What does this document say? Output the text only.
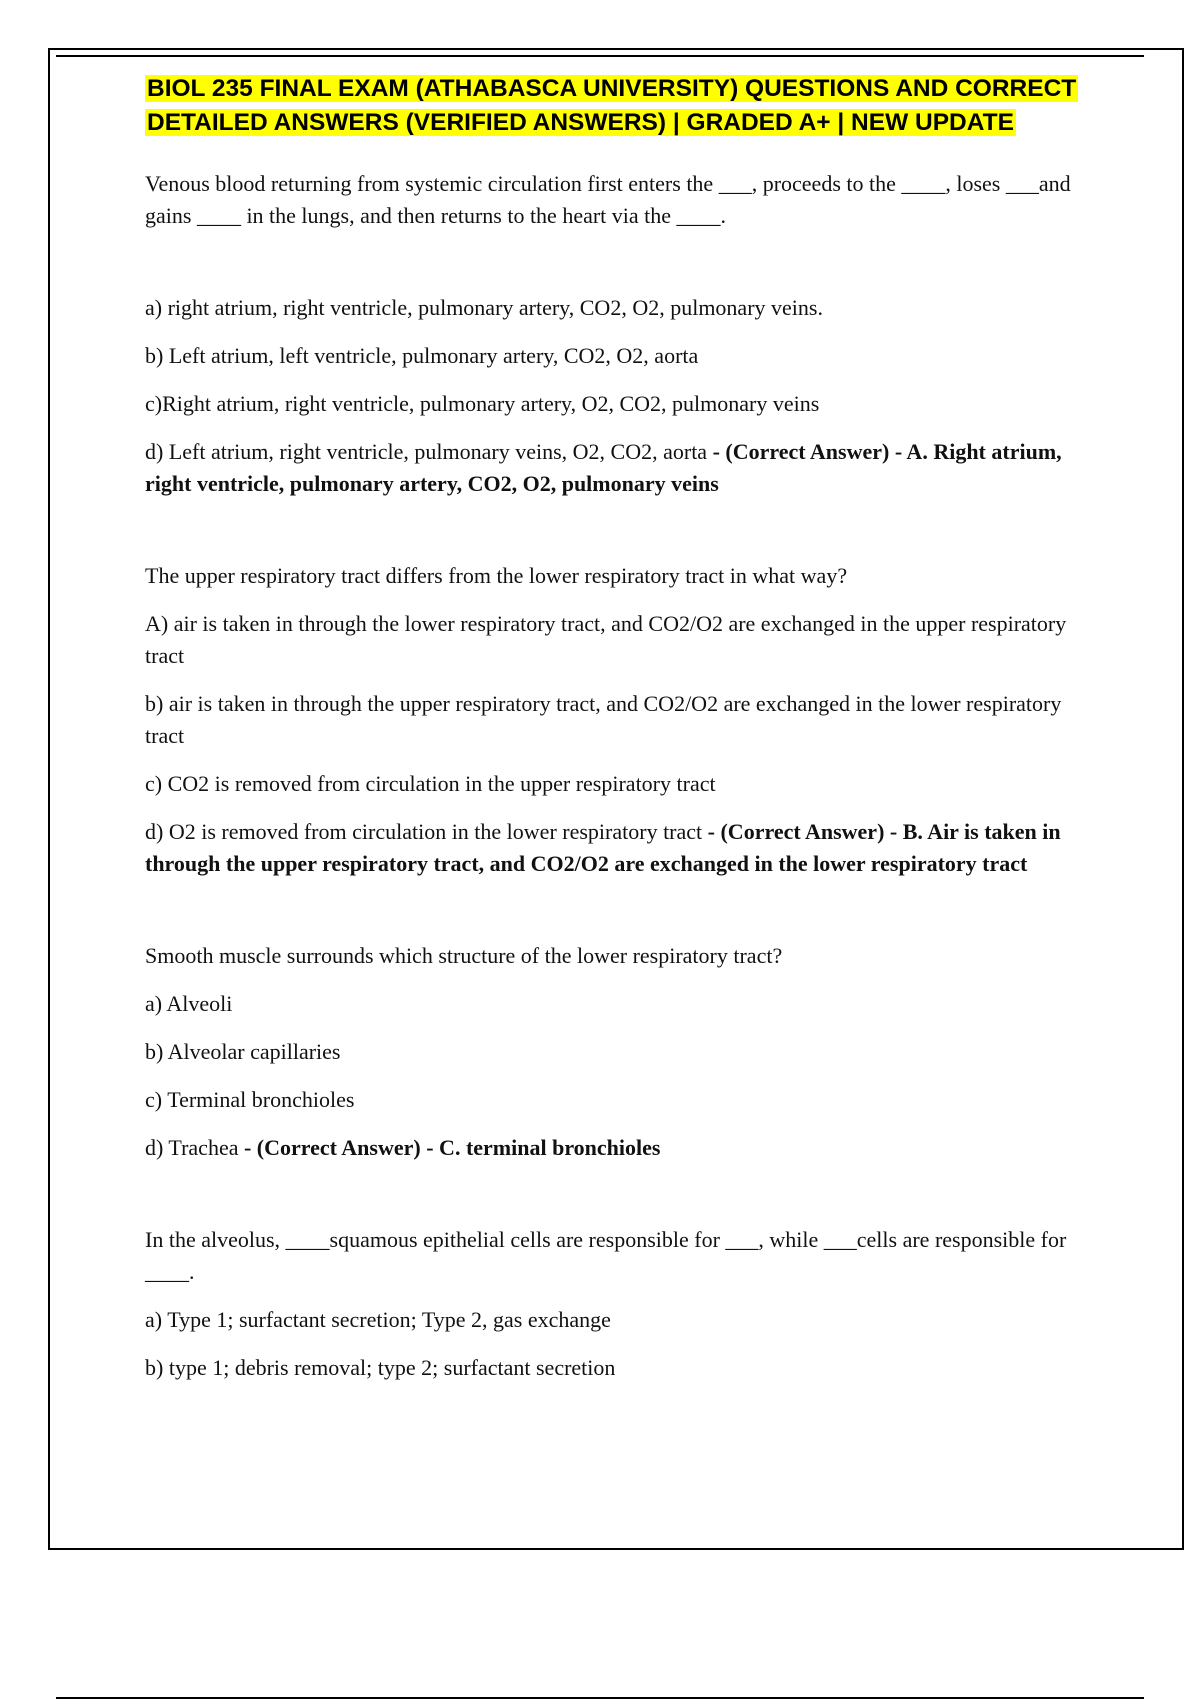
BIOL 235 FINAL EXAM (ATHABASCA UNIVERSITY) QUESTIONS AND CORRECT
DETAILED ANSWERS (VERIFIED ANSWERS) | GRADED A+ | NEW UPDATE

Venous blood returning from systemic circulation first enters the ___, proceeds to the ____, loses ___and gains ____ in the lungs, and then returns to the heart via the ____.

a) right atrium, right ventricle, pulmonary artery, CO2, O2, pulmonary veins.

b) Left atrium, left ventricle, pulmonary artery, CO2, O2, aorta

c)Right atrium, right ventricle, pulmonary artery, O2, CO2, pulmonary veins

d) Left atrium, right ventricle, pulmonary veins, O2, CO2, aorta - (Correct Answer) - A. Right atrium, right ventricle, pulmonary artery, CO2, O2, pulmonary veins

The upper respiratory tract differs from the lower respiratory tract in what way?

A) air is taken in through the lower respiratory tract, and CO2/O2 are exchanged in the upper respiratory tract

b) air is taken in through the upper respiratory tract, and CO2/O2 are exchanged in the lower respiratory tract

c) CO2 is removed from circulation in the upper respiratory tract

d) O2 is removed from circulation in the lower respiratory tract - (Correct Answer) - B. Air is taken in through the upper respiratory tract, and CO2/O2 are exchanged in the lower respiratory tract

Smooth muscle surrounds which structure of the lower respiratory tract?

a) Alveoli

b) Alveolar capillaries

c) Terminal bronchioles

d) Trachea - (Correct Answer) - C. terminal bronchioles

In the alveolus, ____squamous epithelial cells are responsible for ___, while ___cells are responsible for ____.

a) Type 1; surfactant secretion; Type 2, gas exchange

b) type 1; debris removal; type 2; surfactant secretion
